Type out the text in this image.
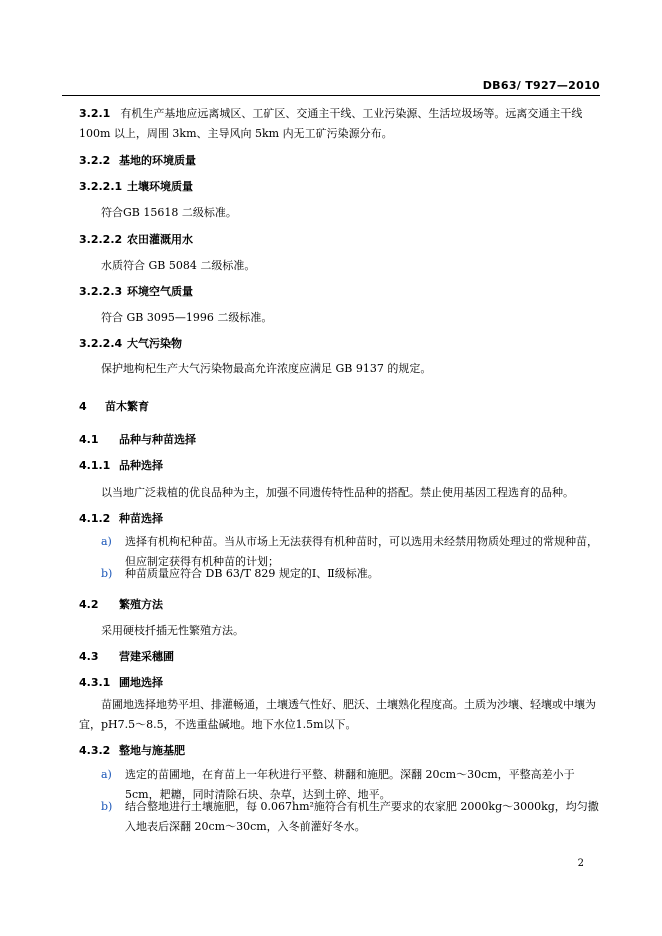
DB63/ T927—2010
3.2.1 有机生产基地应远离城区、工矿区、交通主干线、工业污染源、生活垃圾场等。远离交通主干线100m 以上，周围 3km、主导风向 5km 内无工矿污染源分布。
3.2.2 基地的环境质量
3.2.2.1 土壤环境质量
符合GB 15618 二级标准。
3.2.2.2 农田灌溉用水
水质符合 GB 5084 二级标准。
3.2.2.3 环境空气质量
符合 GB 3095—1996 二级标准。
3.2.2.4 大气污染物
保护地枸杞生产大气污染物最高允许浓度应满足 GB 9137 的规定。
4 苗木繁育
4.1 品种与种苗选择
4.1.1 品种选择
以当地广泛栽植的优良品种为主，加强不同遗传特性品种的搭配。禁止使用基因工程选育的品种。
4.1.2 种苗选择
a) 选择有机枸杞种苗。当从市场上无法获得有机种苗时，可以选用未经禁用物质处理过的常规种苗，但应制定获得有机种苗的计划；
b) 种苗质量应符合 DB 63/T 829 规定的Ⅰ、Ⅱ级标准。
4.2 繁殖方法
采用硬枝扦插无性繁殖方法。
4.3 营建采穗圃
4.3.1 圃地选择
苗圃地选择地势平坦、排灌畅通，土壤透气性好、肥沃、土壤熟化程度高。土质为沙壤、轻壤或中壤为宜，pH7.5～8.5，不选重盐碱地。地下水位1.5m以下。
4.3.2 整地与施基肥
a) 选定的苗圃地，在育苗上一年秋进行平整、耕翻和施肥。深翻 20cm～30cm，平整高差小于 5cm，耙耱，同时清除石块、杂草，达到土碎、地平。
b) 结合整地进行土壤施肥，每 0.067hm²施符合有机生产要求的农家肥 2000kg～3000kg，均匀撒入地表后深翻 20cm～30cm，入冬前灌好冬水。
2
